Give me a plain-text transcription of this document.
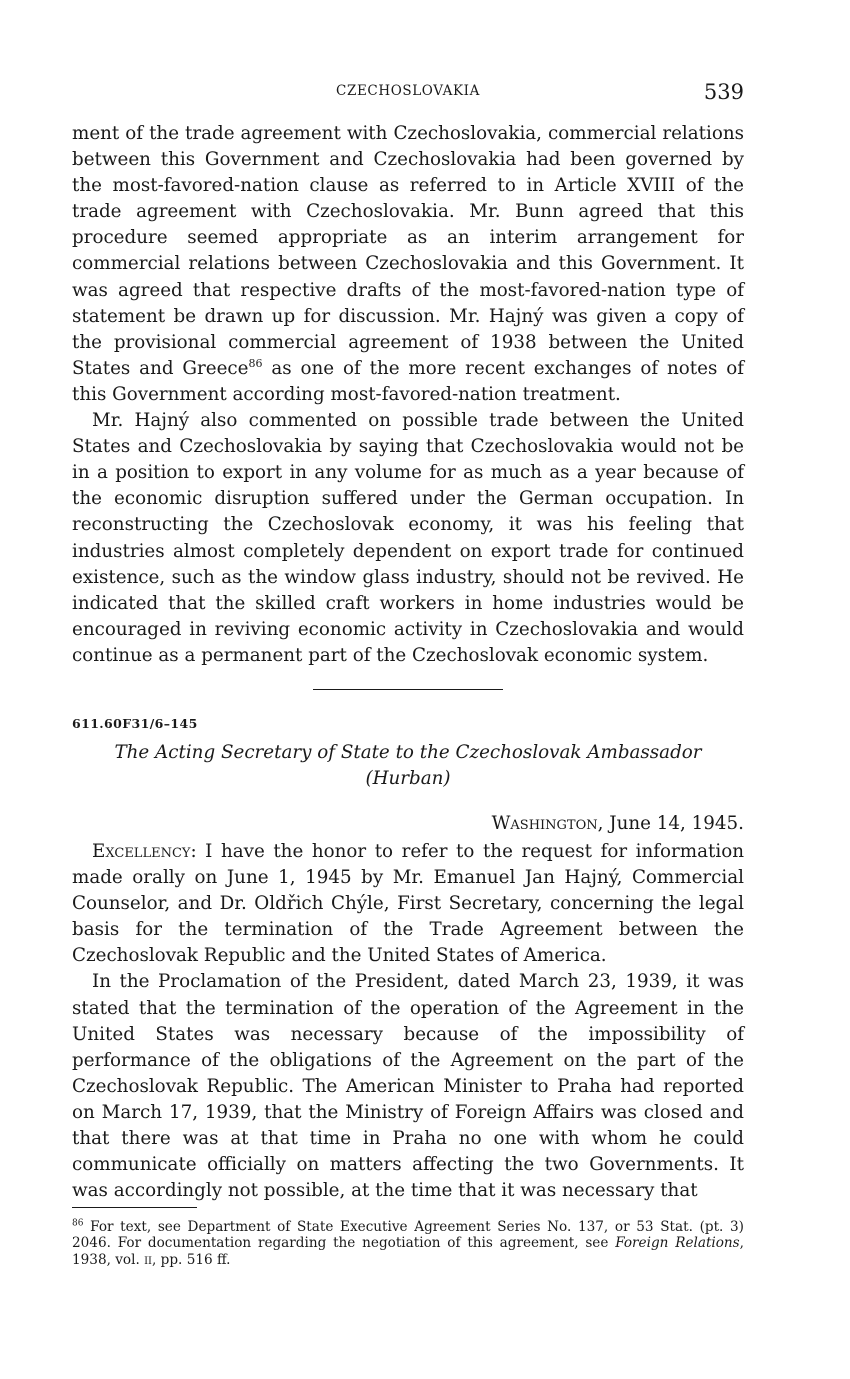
CZECHOSLOVAKIA	539

ment of the trade agreement with Czechoslovakia, commercial relations between this Government and Czechoslovakia had been governed by the most-favored-nation clause as referred to in Article XVIII of the trade agreement with Czechoslovakia. Mr. Bunn agreed that this procedure seemed appropriate as an interim arrangement for commercial relations between Czechoslovakia and this Government. It was agreed that respective drafts of the most-favored-nation type of statement be drawn up for discussion. Mr. Hajný was given a copy of the provisional commercial agreement of 1938 between the United States and Greece$^{86}$ as one of the more recent exchanges of notes of this Government according most-favored-nation treatment.

Mr. Hajný also commented on possible trade between the United States and Czechoslovakia by saying that Czechoslovakia would not be in a position to export in any volume for as much as a year because of the economic disruption suffered under the German occupation. In reconstructing the Czechoslovak economy, it was his feeling that industries almost completely dependent on export trade for continued existence, such as the window glass industry, should not be revived. He indicated that the skilled craft workers in home industries would be encouraged in reviving economic activity in Czechoslovakia and would continue as a permanent part of the Czechoslovak economic system.

611.60F31/6–145
The Acting Secretary of State to the Czechoslovak Ambassador
(Hurban)
Washington, June 14, 1945.

Excellency: I have the honor to refer to the request for information made orally on June 1, 1945 by Mr. Emanuel Jan Hajný, Commercial Counselor, and Dr. Oldřich Chýle, First Secretary, concerning the legal basis for the termination of the Trade Agreement between the Czechoslovak Republic and the United States of America.

In the Proclamation of the President, dated March 23, 1939, it was stated that the termination of the operation of the Agreement in the United States was necessary because of the impossibility of performance of the obligations of the Agreement on the part of the Czechoslovak Republic. The American Minister to Praha had reported on March 17, 1939, that the Ministry of Foreign Affairs was closed and that there was at that time in Praha no one with whom he could communicate officially on matters affecting the two Governments. It was accordingly not possible, at the time that it was necessary that

$^{86}$ For text, see Department of State Executive Agreement Series No. 137, or 53 Stat. (pt. 3) 2046. For documentation regarding the negotiation of this agreement, see Foreign Relations, 1938, vol. ii, pp. 516 ff.
